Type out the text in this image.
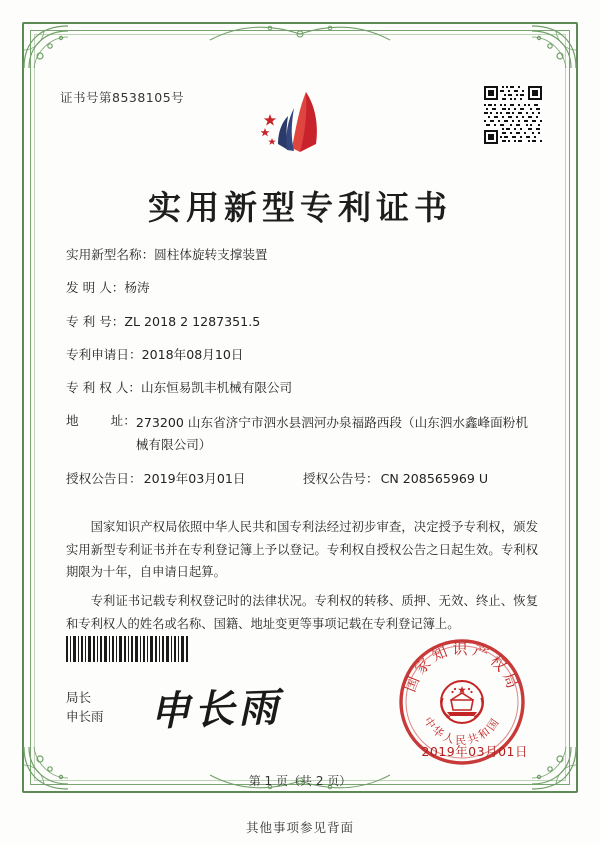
证书号第8538105号
实用新型专利证书
实用新型名称： 圆柱体旋转支撑装置
发 明 人： 杨涛
专 利 号： ZL 2018 2 1287351.5
专利申请日： 2018年08月10日
专 利 权 人： 山东恒易凯丰机械有限公司
地        址： 273200 山东省济宁市泗水县泗河办泉福路西段（山东泗水鑫峰面粉机械有限公司）
授权公告日： 2019年03月01日	授权公告号： CN 208565969 U

国家知识产权局依照中华人民共和国专利法经过初步审查，决定授予专利权，颁发实用新型专利证书并在专利登记簿上予以登记。专利权自授权公告之日起生效。专利权期限为十年，自申请日起算。

专利证书记载专利权登记时的法律状况。专利权的转移、质押、无效、终止、恢复和专利权人的姓名或名称、国籍、地址变更等事项记载在专利登记簿上。

局长
申长雨 申长雨
国家知识产权局
中华人民共和国
2019年03月01日
第 1 页（共 2 页）
其他事项参见背面
